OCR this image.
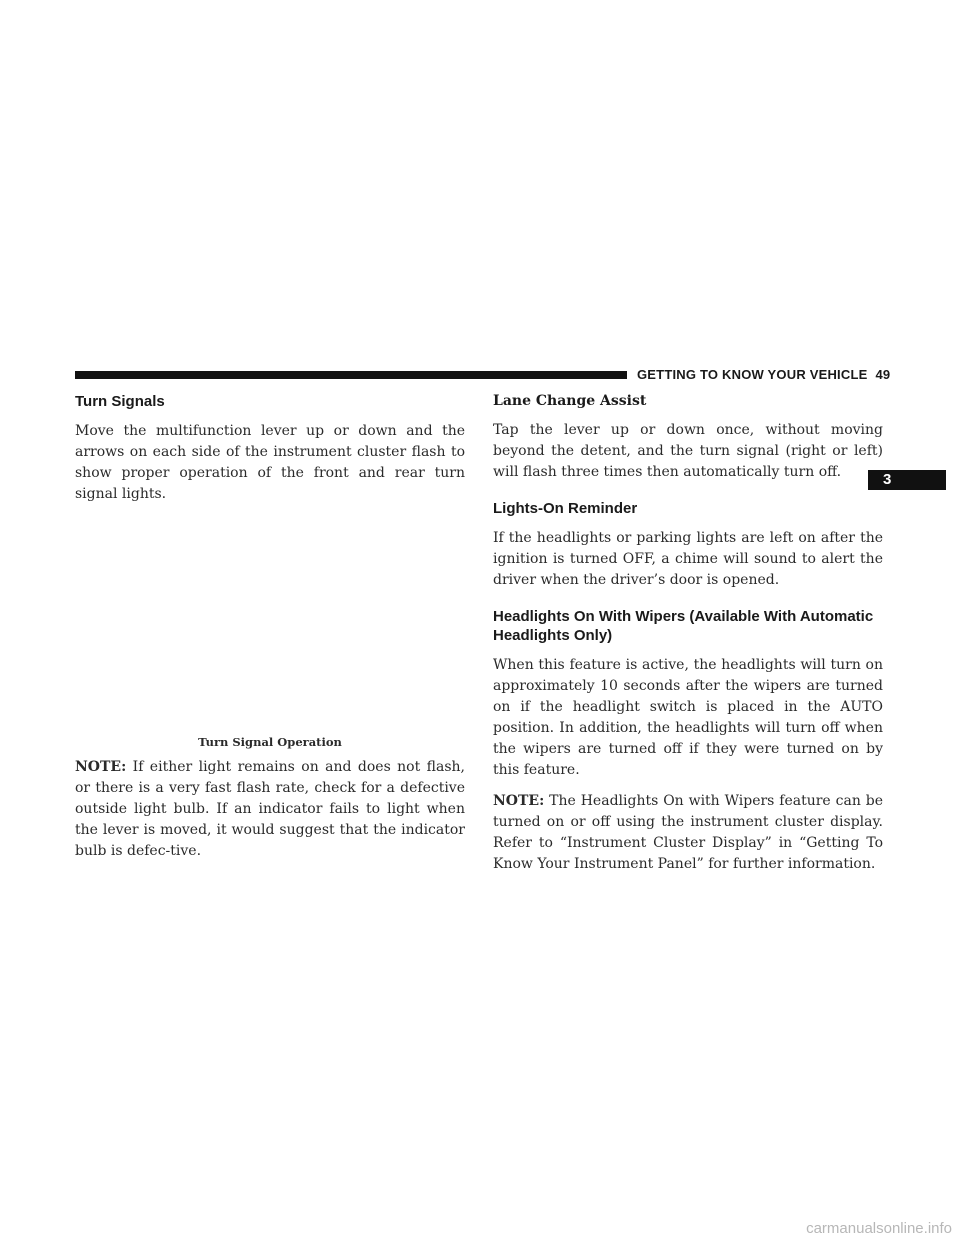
GETTING TO KNOW YOUR VEHICLE 49
Turn Signals

Move the multifunction lever up or down and the arrows on each side of the instrument cluster flash to show proper operation of the front and rear turn signal lights.

Turn Signal Operation

NOTE: If either light remains on and does not flash, or there is a very fast flash rate, check for a defective outside light bulb. If an indicator fails to light when the lever is moved, it would suggest that the indicator bulb is defec-tive.

Lane Change Assist

Tap the lever up or down once, without moving beyond the detent, and the turn signal (right or left) will flash three times then automatically turn off.

Lights-On Reminder

If the headlights or parking lights are left on after the ignition is turned OFF, a chime will sound to alert the driver when the driver’s door is opened.

Headlights On With Wipers (Available With Automatic Headlights Only)

When this feature is active, the headlights will turn on approximately 10 seconds after the wipers are turned on if the headlight switch is placed in the AUTO position. In addition, the headlights will turn off when the wipers are turned off if they were turned on by this feature.

NOTE: The Headlights On with Wipers feature can be turned on or off using the instrument cluster display. Refer to “Instrument Cluster Display” in “Getting To Know Your Instrument Panel” for further information.

3
carmanualsonline.info
